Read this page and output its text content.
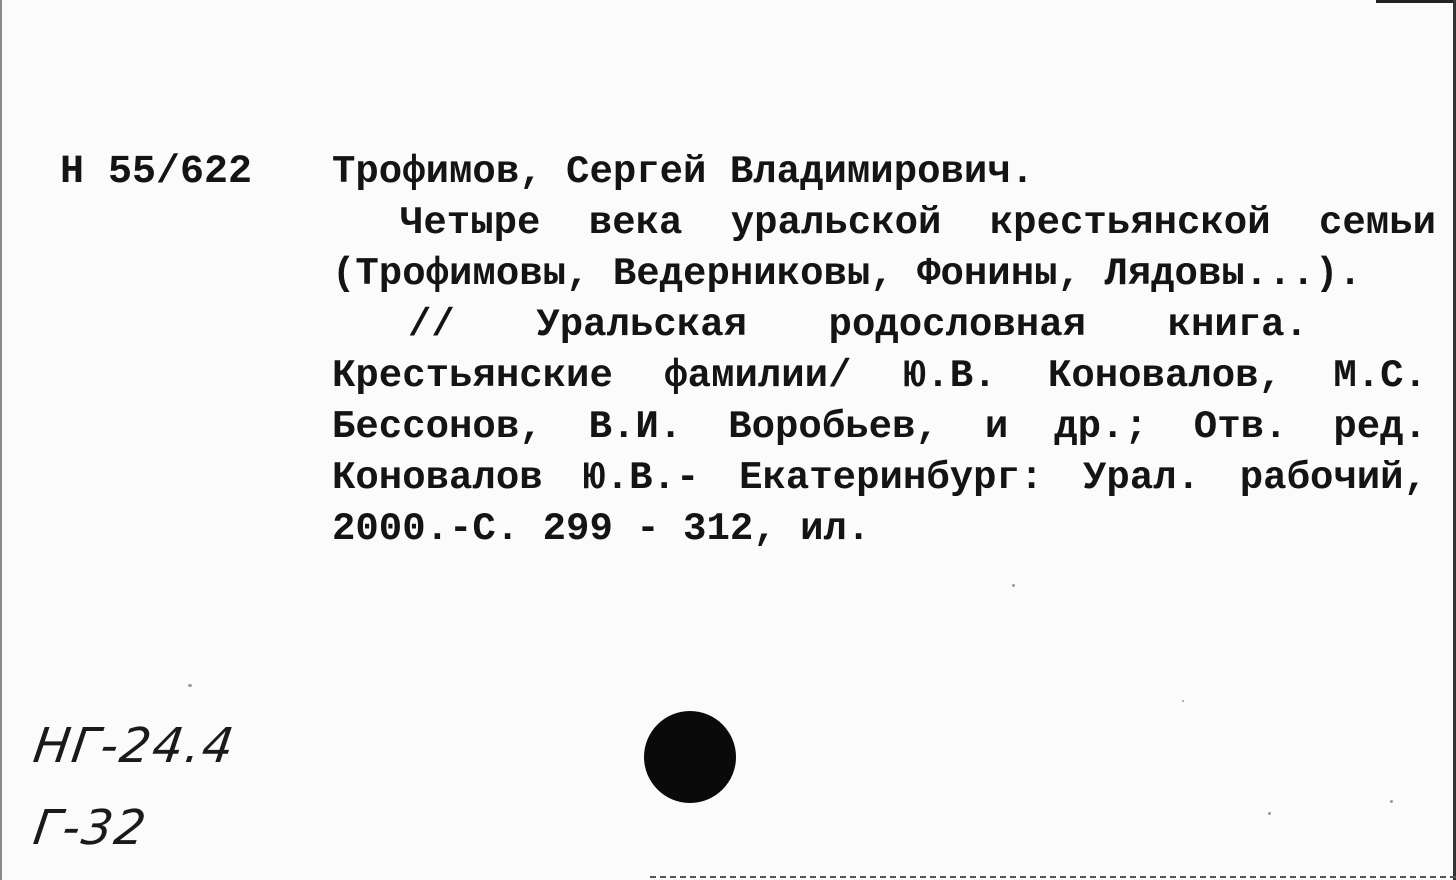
Н 55/622 Трофимов, Сергей Владимирович.

Четыре века уральской крестьянской семьи

(Трофимовы, Ведерниковы, Фонины, Лядовы...).

// Уральская родословная книга.

Крестьянские фамилии/ Ю.В. Коновалов, М.С.

Бессонов, В.И. Воробьев, и др.; Отв. ред.

Коновалов Ю.В.- Екатеринбург: Урал. рабочий,

2000.-С. 299 - 312, ил.

НГ-24.4
Г-32
